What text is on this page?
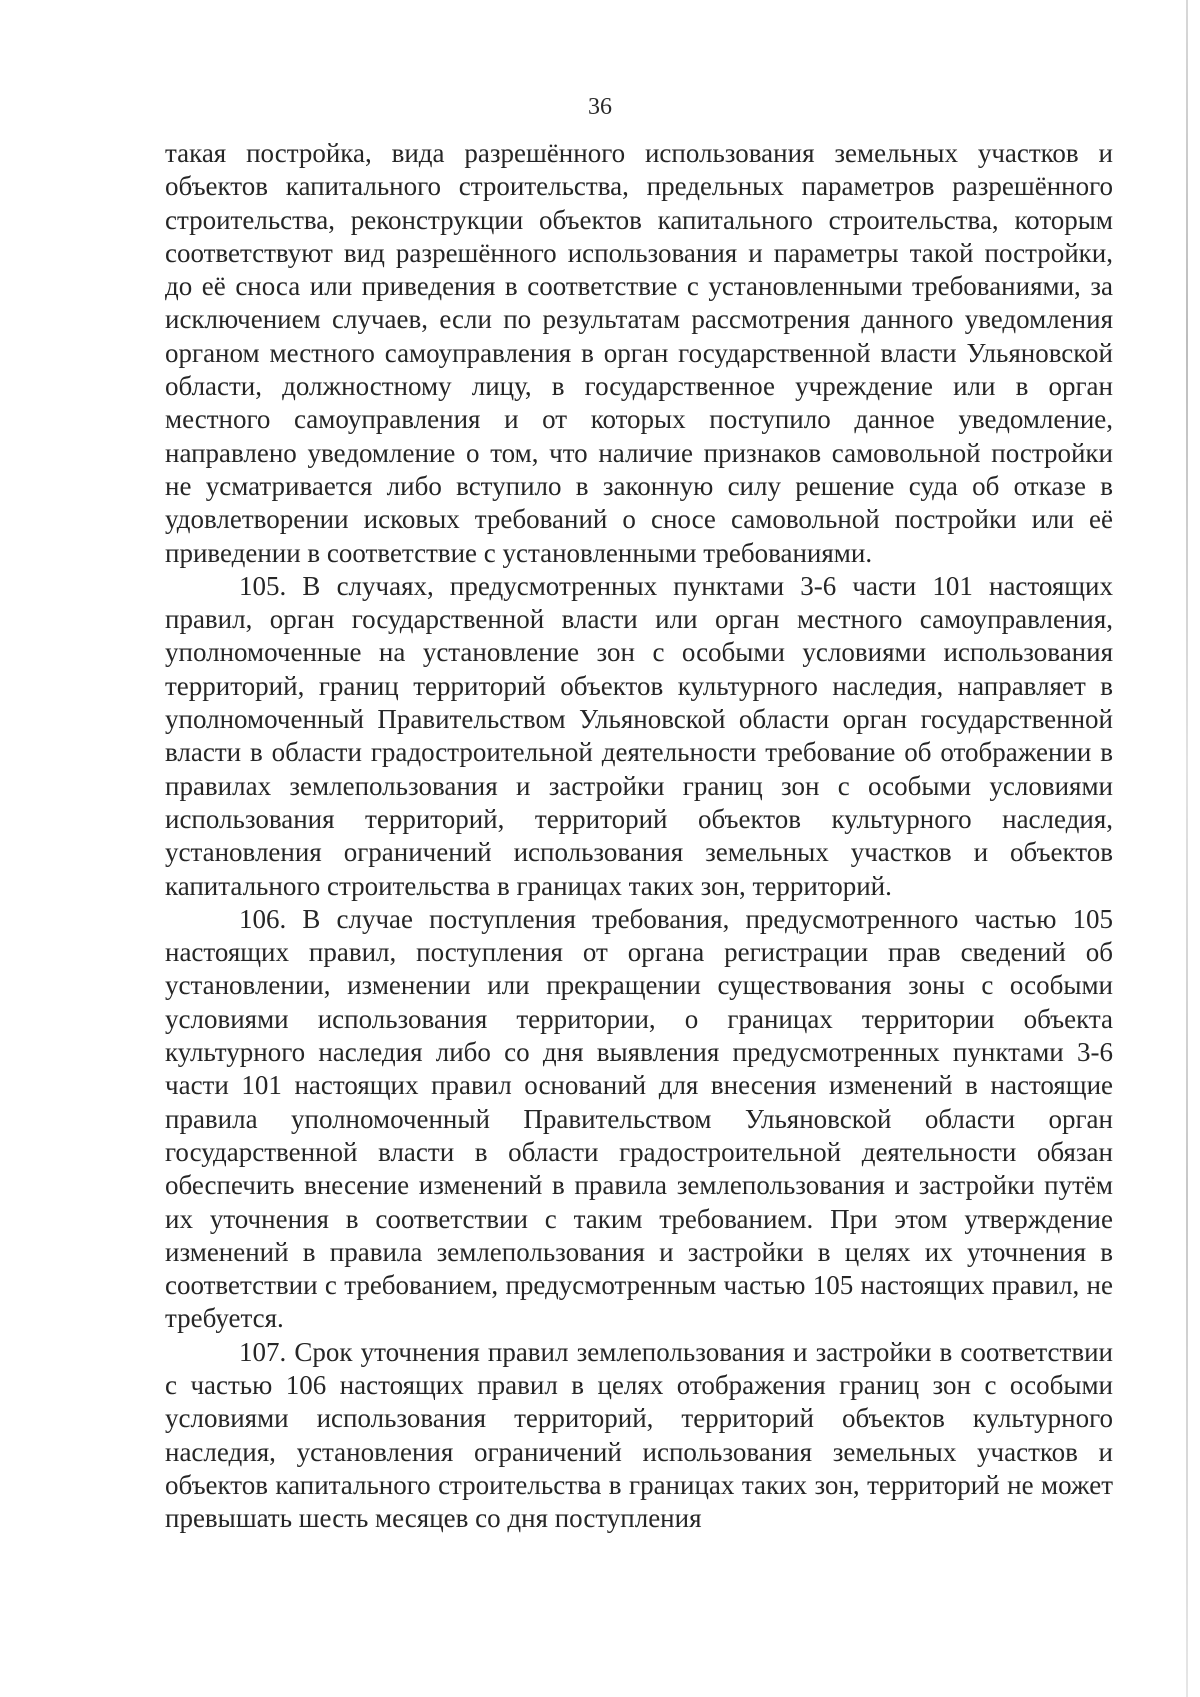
36

такая постройка, вида разрешённого использования земельных участков и объектов капитального строительства, предельных параметров разрешённого строительства, реконструкции объектов капитального строительства, которым соответствуют вид разрешённого использования и параметры такой постройки, до её сноса или приведения в соответствие с установленными требованиями, за исключением случаев, если по результатам рассмотрения данного уведомления органом местного самоуправления в орган государственной власти Ульяновской области, должностному лицу, в государственное учреждение или в орган местного самоуправления и от которых поступило данное уведомление, направлено уведомление о том, что наличие признаков самовольной постройки не усматривается либо вступило в законную силу решение суда об отказе в удовлетворении исковых требований о сносе самовольной постройки или её приведении в соответствие с установленными требованиями.

105. В случаях, предусмотренных пунктами 3-6 части 101 настоящих правил, орган государственной власти или орган местного самоуправления, уполномоченные на установление зон с особыми условиями использования территорий, границ территорий объектов культурного наследия, направляет в уполномоченный Правительством Ульяновской области орган государственной власти в области градостроительной деятельности требование об отображении в правилах землепользования и застройки границ зон с особыми условиями использования территорий, территорий объектов культурного наследия, установления ограничений использования земельных участков и объектов капитального строительства в границах таких зон, территорий.

106. В случае поступления требования, предусмотренного частью 105 настоящих правил, поступления от органа регистрации прав сведений об установлении, изменении или прекращении существования зоны с особыми условиями использования территории, о границах территории объекта культурного наследия либо со дня выявления предусмотренных пунктами 3-6 части 101 настоящих правил оснований для внесения изменений в настоящие правила уполномоченный Правительством Ульяновской области орган государственной власти в области градостроительной деятельности обязан обеспечить внесение изменений в правила землепользования и застройки путём их уточнения в соответствии с таким требованием. При этом утверждение изменений в правила землепользования и застройки в целях их уточнения в соответствии с требованием, предусмотренным частью 105 настоящих правил, не требуется.

107. Срок уточнения правил землепользования и застройки в соответствии с частью 106 настоящих правил в целях отображения границ зон с особыми условиями использования территорий, территорий объектов культурного наследия, установления ограничений использования земельных участков и объектов капитального строительства в границах таких зон, территорий не может превышать шесть месяцев со дня поступления
